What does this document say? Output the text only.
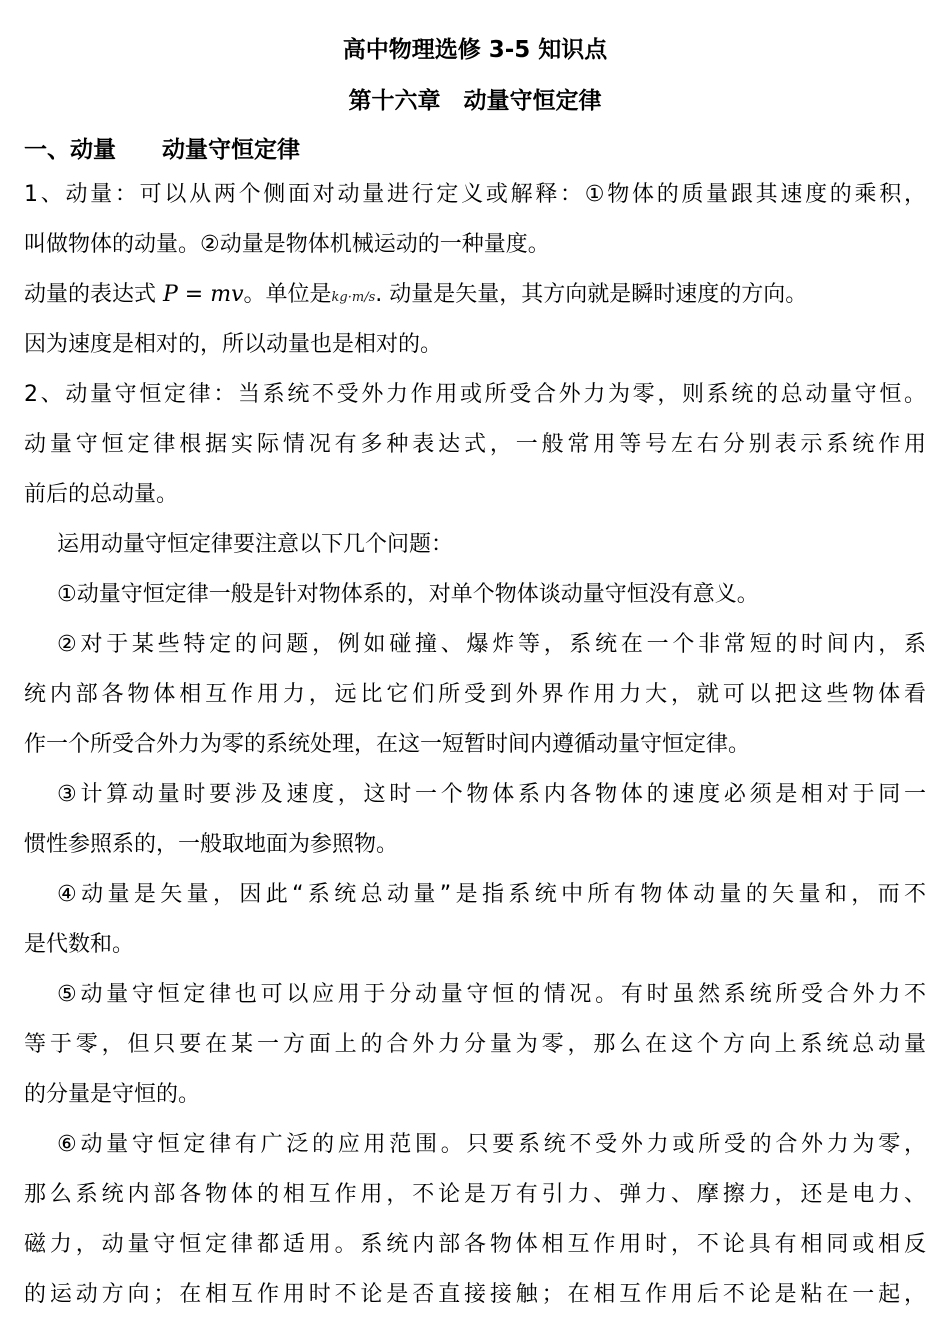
高中物理选修 3-5 知识点
第十六章　动量守恒定律
一、动量　　动量守恒定律
1、动量：可以从两个侧面对动量进行定义或解释：①物体的质量跟其速度的乘积，
叫做物体的动量。②动量是物体机械运动的一种量度。
动量的表达式 P = mv。单位是kg·m/s. 动量是矢量，其方向就是瞬时速度的方向。
因为速度是相对的，所以动量也是相对的。
2、动量守恒定律：当系统不受外力作用或所受合外力为零，则系统的总动量守恒。
动量守恒定律根据实际情况有多种表达式，一般常用等号左右分别表示系统作用
前后的总动量。
运用动量守恒定律要注意以下几个问题：
①动量守恒定律一般是针对物体系的，对单个物体谈动量守恒没有意义。
②对于某些特定的问题，例如碰撞、爆炸等，系统在一个非常短的时间内，系
统内部各物体相互作用力，远比它们所受到外界作用力大，就可以把这些物体看
作一个所受合外力为零的系统处理，在这一短暂时间内遵循动量守恒定律。
③计算动量时要涉及速度，这时一个物体系内各物体的速度必须是相对于同一
惯性参照系的，一般取地面为参照物。
④动量是矢量，因此“系统总动量”是指系统中所有物体动量的矢量和，而不
是代数和。
⑤动量守恒定律也可以应用于分动量守恒的情况。有时虽然系统所受合外力不
等于零，但只要在某一方面上的合外力分量为零，那么在这个方向上系统总动量
的分量是守恒的。
⑥动量守恒定律有广泛的应用范围。只要系统不受外力或所受的合外力为零，
那么系统内部各物体的相互作用，不论是万有引力、弹力、摩擦力，还是电力、
磁力，动量守恒定律都适用。系统内部各物体相互作用时，不论具有相同或相反
的运动方向；在相互作用时不论是否直接接触；在相互作用后不论是粘在一起，
